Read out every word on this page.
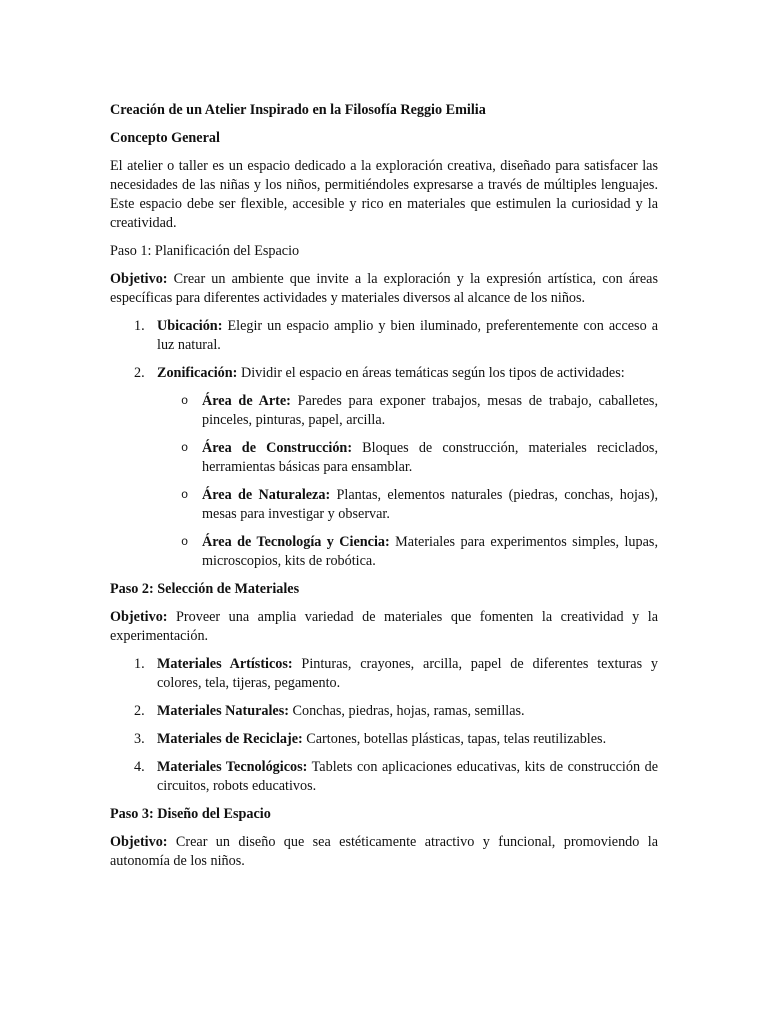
Creación de un Atelier Inspirado en la Filosofía Reggio Emilia

Concepto General

El atelier o taller es un espacio dedicado a la exploración creativa, diseñado para satisfacer las necesidades de las niñas y los niños, permitiéndoles expresarse a través de múltiples lenguajes. Este espacio debe ser flexible, accesible y rico en materiales que estimulen la curiosidad y la creatividad.

Paso 1: Planificación del Espacio

Objetivo: Crear un ambiente que invite a la exploración y la expresión artística, con áreas específicas para diferentes actividades y materiales diversos al alcance de los niños.

1. Ubicación: Elegir un espacio amplio y bien iluminado, preferentemente con acceso a luz natural.
2. Zonificación: Dividir el espacio en áreas temáticas según los tipos de actividades:
o Área de Arte: Paredes para exponer trabajos, mesas de trabajo, caballetes, pinceles, pinturas, papel, arcilla.
o Área de Construcción: Bloques de construcción, materiales reciclados, herramientas básicas para ensamblar.
o Área de Naturaleza: Plantas, elementos naturales (piedras, conchas, hojas), mesas para investigar y observar.
o Área de Tecnología y Ciencia: Materiales para experimentos simples, lupas, microscopios, kits de robótica.

Paso 2: Selección de Materiales

Objetivo: Proveer una amplia variedad de materiales que fomenten la creatividad y la experimentación.

1. Materiales Artísticos: Pinturas, crayones, arcilla, papel de diferentes texturas y colores, tela, tijeras, pegamento.
2. Materiales Naturales: Conchas, piedras, hojas, ramas, semillas.
3. Materiales de Reciclaje: Cartones, botellas plásticas, tapas, telas reutilizables.
4. Materiales Tecnológicos: Tablets con aplicaciones educativas, kits de construcción de circuitos, robots educativos.

Paso 3: Diseño del Espacio

Objetivo: Crear un diseño que sea estéticamente atractivo y funcional, promoviendo la autonomía de los niños.
